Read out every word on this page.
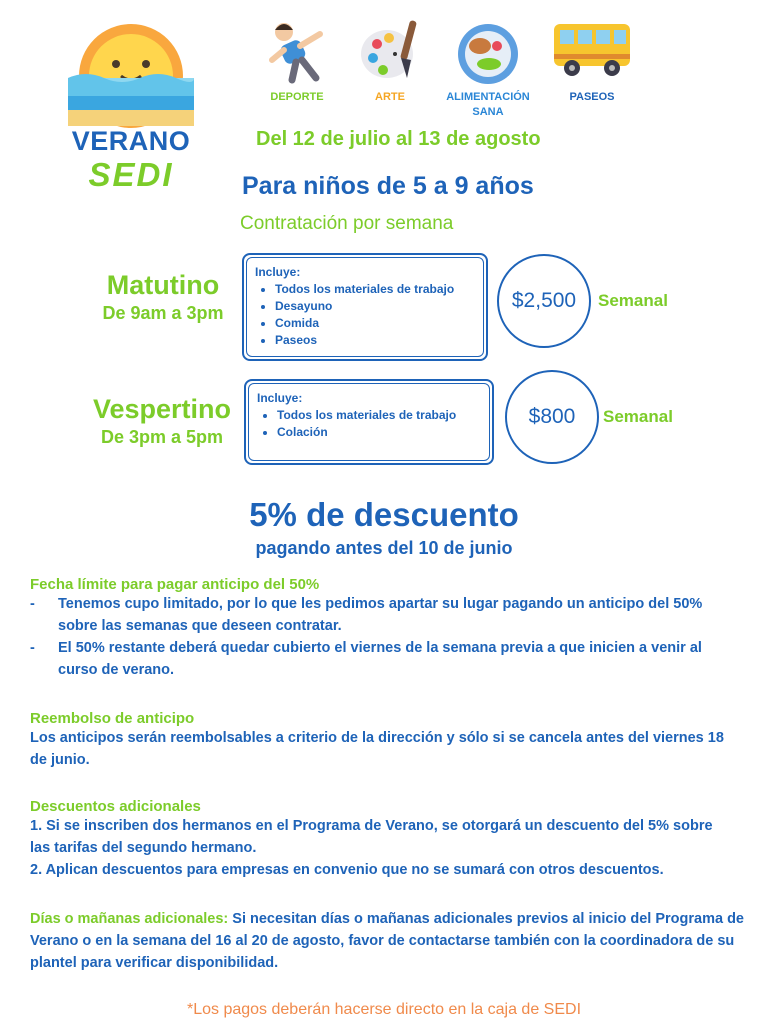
VERANO
SEDI
DEPORTE	ARTE	ALIMENTACIÓN SANA
PASEOS
Del 12 de julio al 13 de agosto
Para niños de 5 a 9 años
Contratación por semana
Matutino
De 9am a 3pm
Incluye:
• Todos los materiales de trabajo
• Desayuno
• Comida
• Paseos
$2,500	Semanal
Vespertino
De 3pm a 5pm
Incluye:
• Todos los materiales de trabajo
• Colación
$800	Semanal
5% de descuento
pagando antes del 10 de junio
Fecha límite para pagar anticipo del 50%
-	Tenemos cupo limitado, por lo que les pedimos apartar su lugar pagando un anticipo del 50% sobre las semanas que deseen contratar.
-	El 50% restante deberá quedar cubierto el viernes de la semana previa a que inicien a venir al curso de verano.
Reembolso de anticipo
Los anticipos serán reembolsables a criterio de la dirección y sólo si se cancela antes del viernes 18 de junio.
Descuentos adicionales
1. Si se inscriben dos hermanos en el Programa de Verano, se otorgará un descuento del 5% sobre las tarifas del segundo hermano.
2. Aplican descuentos para empresas en convenio que no se sumará con otros descuentos.
Días o mañanas adicionales: Si necesitan días o mañanas adicionales previos al inicio del Programa de Verano o en la semana del 16 al 20 de agosto, favor de contactarse también con la coordinadora de su plantel para verificar disponibilidad.
*Los pagos deberán hacerse directo en la caja de SEDI
